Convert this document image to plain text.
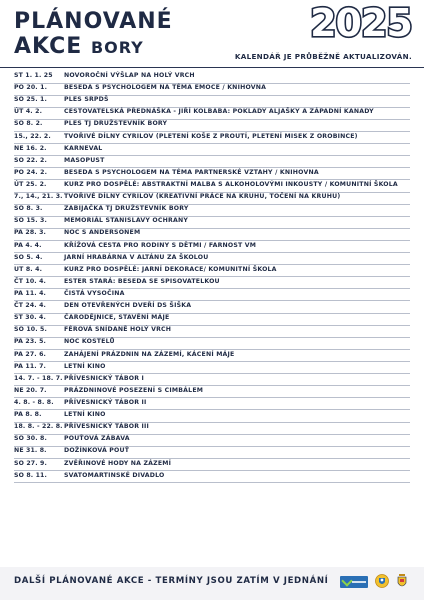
PLÁNOVANÉ
AKCE BORY
2025
KALENDÁŘ JE PRŮBĚŽNĚ AKTUALIZOVÁN.
ST 1. 1. 25	NOVOROČNÍ VÝŠLAP NA HOLÝ VRCH
PO 20. 1.	BESEDA S PSYCHOLOGEM NA TÉMA EMOCE / KNIHOVNA
SO 25. 1.	PLES SRPDŠ
ÚT 4. 2.	CESTOVATELSKÁ PŘEDNÁŠKA - JIŘÍ KOLBABA: POKLADY ALJAŠKY A ZÁPADNÍ KANADY
SO 8. 2.	PLES TJ DRUŽSTEVNÍK BORY
15., 22. 2.	TVOŘIVÉ DÍLNY CYRILOV (PLETENÍ KOŠE Z PROUTÍ, PLETENÍ MISEK Z OROBINCE)
NE 16. 2.	KARNEVAL
SO 22. 2.	MASOPUST
PO 24. 2.	BESEDA S PSYCHOLOGEM NA TÉMA PARTNERSKÉ VZTAHY / KNIHOVNA
ÚT 25. 2.	KURZ PRO DOSPĚLÉ: ABSTRAKTNÍ MALBA S ALKOHOLOVÝMI INKOUSTY / KOMUNITNÍ ŠKOLA
7., 14., 21. 3. TVOŘIVÉ DÍLNY CYRILOV (KREATIVNÍ PRÁCE NA KRUHU, TOČENÍ NA KRUHU)
SO 8. 3.	ZABIJAČKA TJ DRUŽSTEVNÍK BORY
SO 15. 3.	MEMORIÁL STANISLAVY OCHRANY
PA 28. 3.	NOC S ANDERSONEM
PA 4. 4.	KŘÍŽOVÁ CESTA PRO RODINY S DĚTMI / FARNOST VM
SO 5. 4.	JARNÍ HRABÁRNA V ALTÁNU ZA ŠKOLOU
UT 8. 4.	KURZ PRO DOSPĚLÉ: JARNÍ DEKORACE/ KOMUNITNÍ ŠKOLA
ČT 10. 4.	ESTER STARÁ: BESEDA SE SPISOVATELKOU
PA 11. 4.	ČISTÁ VYSOČINA
ČT 24. 4.	DEN OTEVŘENÝCH DVEŘÍ DS ŠIŠKA
ST 30. 4.	ČARODĚJNICE, STAVĚNÍ MÁJE
SO 10. 5.	FÉROVÁ SNÍDANĚ HOLÝ VRCH
PA 23. 5.	NOC KOSTELŮ
PA 27. 6.	ZAHÁJENÍ PRÁZDNIN NA ZÁZEMÍ, KÁCENÍ MÁJE
PA 11. 7.	LETNÍ KINO
14. 7. - 18. 7. PŘÍVESNICKÝ TÁBOR I
NE 20. 7.	PRÁZDNINOVÉ POSEZENÍ S CIMBÁLEM
4. 8. - 8. 8.	PŘÍVESNICKÝ TÁBOR II
PA 8. 8.	LETNÍ KINO
18. 8. - 22. 8. PŘÍVESNICKÝ TÁBOR III
SO 30. 8.	POUŤOVÁ ZÁBAVA
NE 31. 8.	DOŽÍNKOVÁ POUŤ
SO 27. 9.	ZVĚŘINOVÉ HODY NA ZÁZEMÍ
SO 8. 11.	SVATOMARTINSKÉ DIVADLO
DALŠÍ PLÁNOVANÉ AKCE - TERMÍNY JSOU ZATÍM V JEDNÁNÍ
